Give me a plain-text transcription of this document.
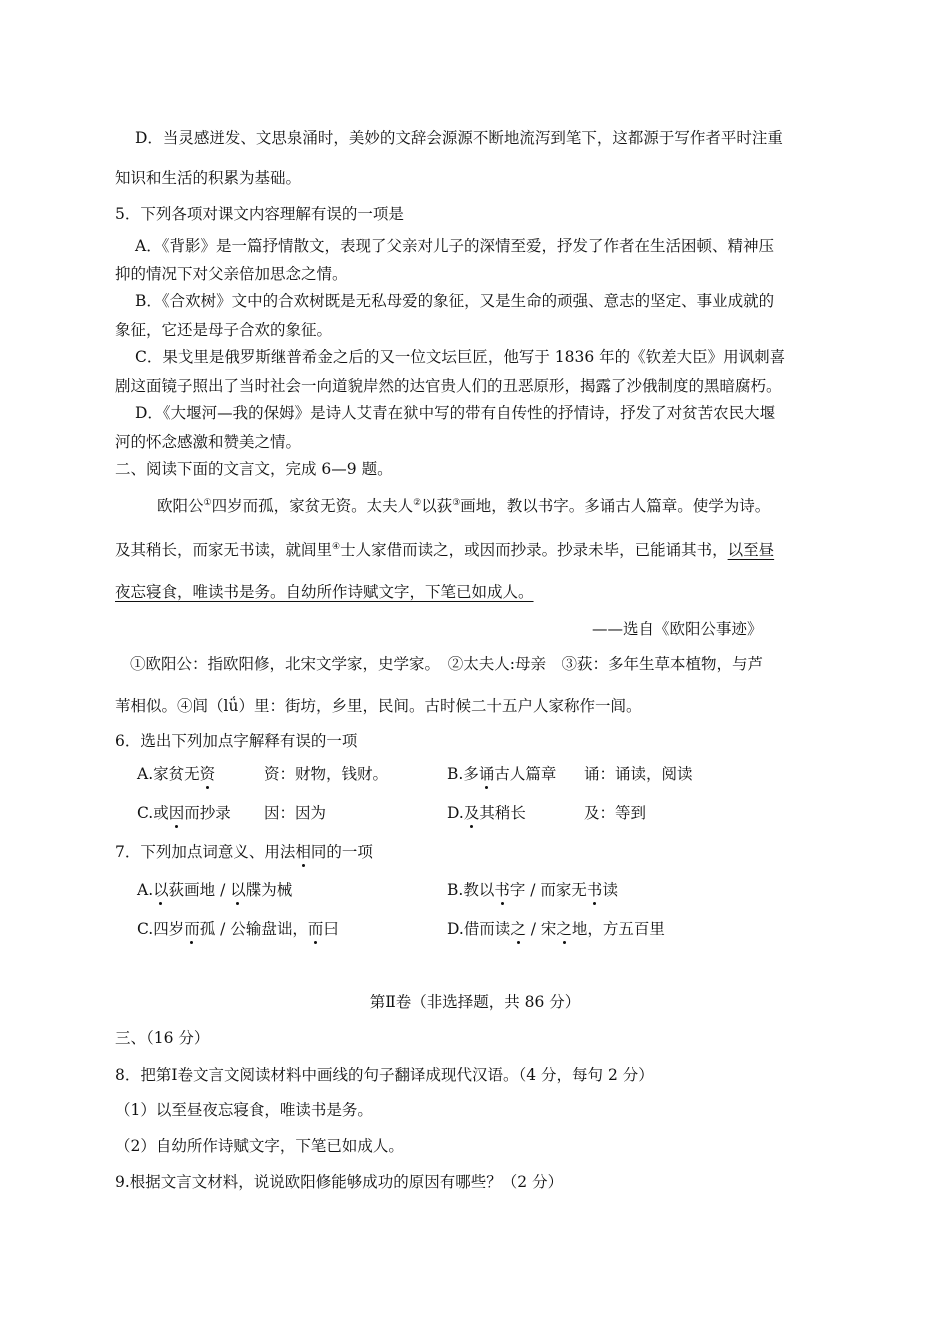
D．当灵感迸发、文思泉涌时，美妙的文辞会源源不断地流泻到笔下，这都源于写作者平时注重
知识和生活的积累为基础。
5．下列各项对课文内容理解有误的一项是
A．《背影》是一篇抒情散文，表现了父亲对儿子的深情至爱，抒发了作者在生活困顿、精神压
抑的情况下对父亲倍加思念之情。
B．《合欢树》文中的合欢树既是无私母爱的象征，又是生命的顽强、意志的坚定、事业成就的
象征，它还是母子合欢的象征。
C．果戈里是俄罗斯继普希金之后的又一位文坛巨匠，他写于 1836 年的《钦差大臣》用讽刺喜
剧这面镜子照出了当时社会一向道貌岸然的达官贵人们的丑恶原形，揭露了沙俄制度的黑暗腐朽。
D．《大堰河—我的保姆》是诗人艾青在狱中写的带有自传性的抒情诗，抒发了对贫苦农民大堰
河的怀念感激和赞美之情。
二、阅读下面的文言文，完成 6—9 题。
欧阳公①四岁而孤，家贫无资。太夫人②以荻③画地，教以书字。多诵古人篇章。使学为诗。
及其稍长，而家无书读，就闾里④士人家借而读之，或因而抄录。抄录未毕，已能诵其书，以至昼
夜忘寝食，唯读书是务。自幼所作诗赋文字，下笔已如成人。
——选自《欧阳公事迹》
①欧阳公：指欧阳修，北宋文学家，史学家。　②太夫人:母亲　③荻：多年生草本植物，与芦
苇相似。④闾（lǘ）里：街坊，乡里，民间。古时候二十五户人家称作一闾。
6．选出下列加点字解释有误的一项
A.家贫无资	资：财物，钱财。	B.多诵古人篇章 诵：诵读，阅读
C.或因而抄录 因：因为	D.及其稍长	及：等到
7．下列加点词意义、用法相同的一项
A.以荻画地 / 以牒为械	B.教以书字 / 而家无书读
C.四岁而孤 / 公输盘诎，而曰	D.借而读之 / 宋之地，方五百里
第Ⅱ卷（非选择题，共 86 分）
三、（16 分）
8．把第Ⅰ卷文言文阅读材料中画线的句子翻译成现代汉语。（4 分，每句 2 分）
（1）以至昼夜忘寝食，唯读书是务。
（2）自幼所作诗赋文字，下笔已如成人。
9.根据文言文材料，说说欧阳修能够成功的原因有哪些？（2 分）
